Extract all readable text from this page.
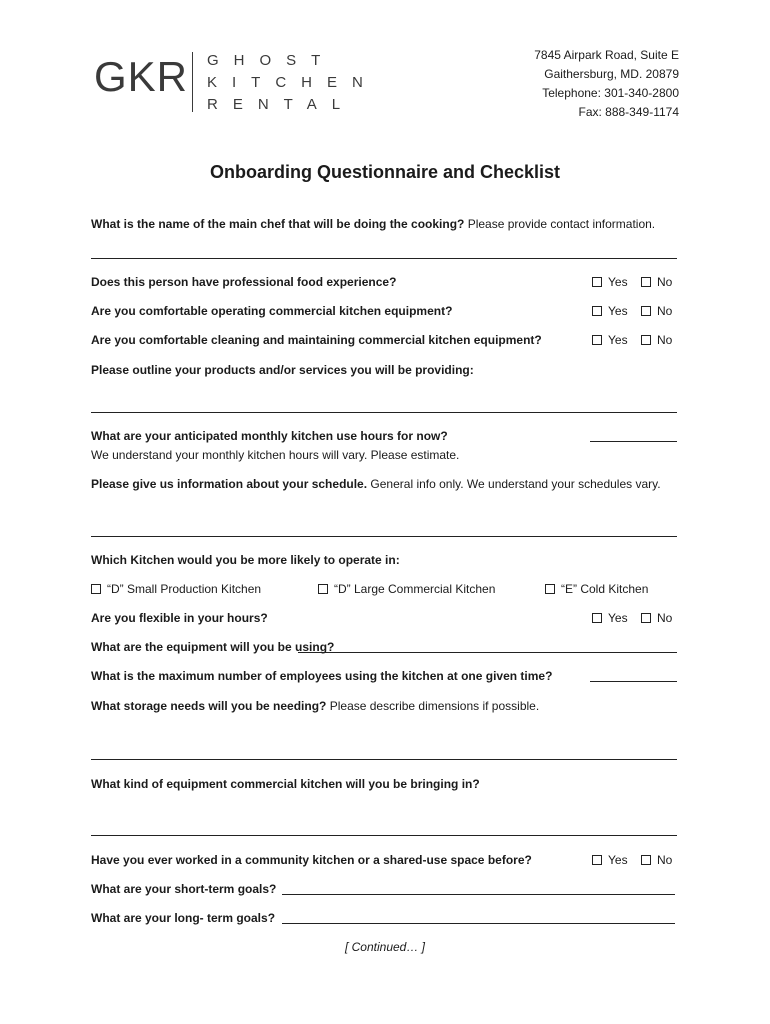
GKR GHOST
KITCHEN
RENTAL
7845 Airpark Road, Suite E
Gaithersburg, MD. 20879
Telephone: 301-340-2800
Fax: 888-349-1174
Onboarding Questionnaire and Checklist
What is the name of the main chef that will be doing the cooking? Please provide contact information.
Does this person have professional food experience?	Yes	No
Are you comfortable operating commercial kitchen equipment?	Yes	No
Are you comfortable cleaning and maintaining commercial kitchen equipment?	Yes	No
Please outline your products and/or services you will be providing:
What are your anticipated monthly kitchen use hours for now?
We understand your monthly kitchen hours will vary. Please estimate.
Please give us information about your schedule. General info only. We understand your schedules vary.
Which Kitchen would you be more likely to operate in:
“D” Small Production Kitchen	“D” Large Commercial Kitchen	“E” Cold Kitchen
Are you flexible in your hours?	Yes	No
What are the equipment will you be using?
What is the maximum number of employees using the kitchen at one given time?
What storage needs will you be needing? Please describe dimensions if possible.
What kind of equipment commercial kitchen will you be bringing in?
Have you ever worked in a community kitchen or a shared-use space before?	Yes	No
What are your short-term goals?
What are your long- term goals?
[ Continued… ]
